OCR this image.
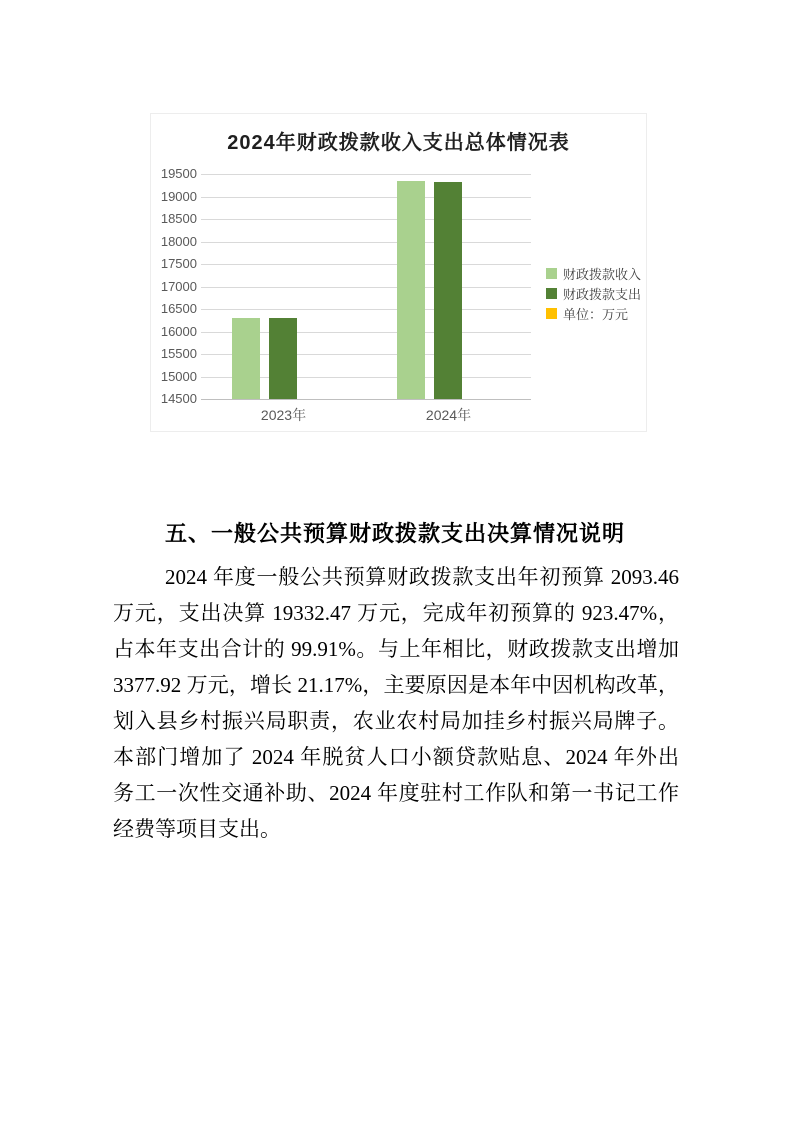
2024年财政拨款收入支出总体情况表
14500
15000
15500
16000
16500
17000
17500
18000
18500
19000
19500
2023年	2024年
财政拨款收入
财政拨款支出
单位：万元
五、一般公共预算财政拨款支出决算情况说明
2024 年度一般公共预算财政拨款支出年初预算 2093.46
万元，支出决算 19332.47 万元，完成年初预算的 923.47%，
占本年支出合计的 99.91%。与上年相比，财政拨款支出增加
3377.92 万元，增长 21.17%，主要原因是本年中因机构改革，
划入县乡村振兴局职责，农业农村局加挂乡村振兴局牌子。
本部门增加了 2024 年脱贫人口小额贷款贴息、2024 年外出
务工一次性交通补助、2024 年度驻村工作队和第一书记工作
经费等项目支出。
